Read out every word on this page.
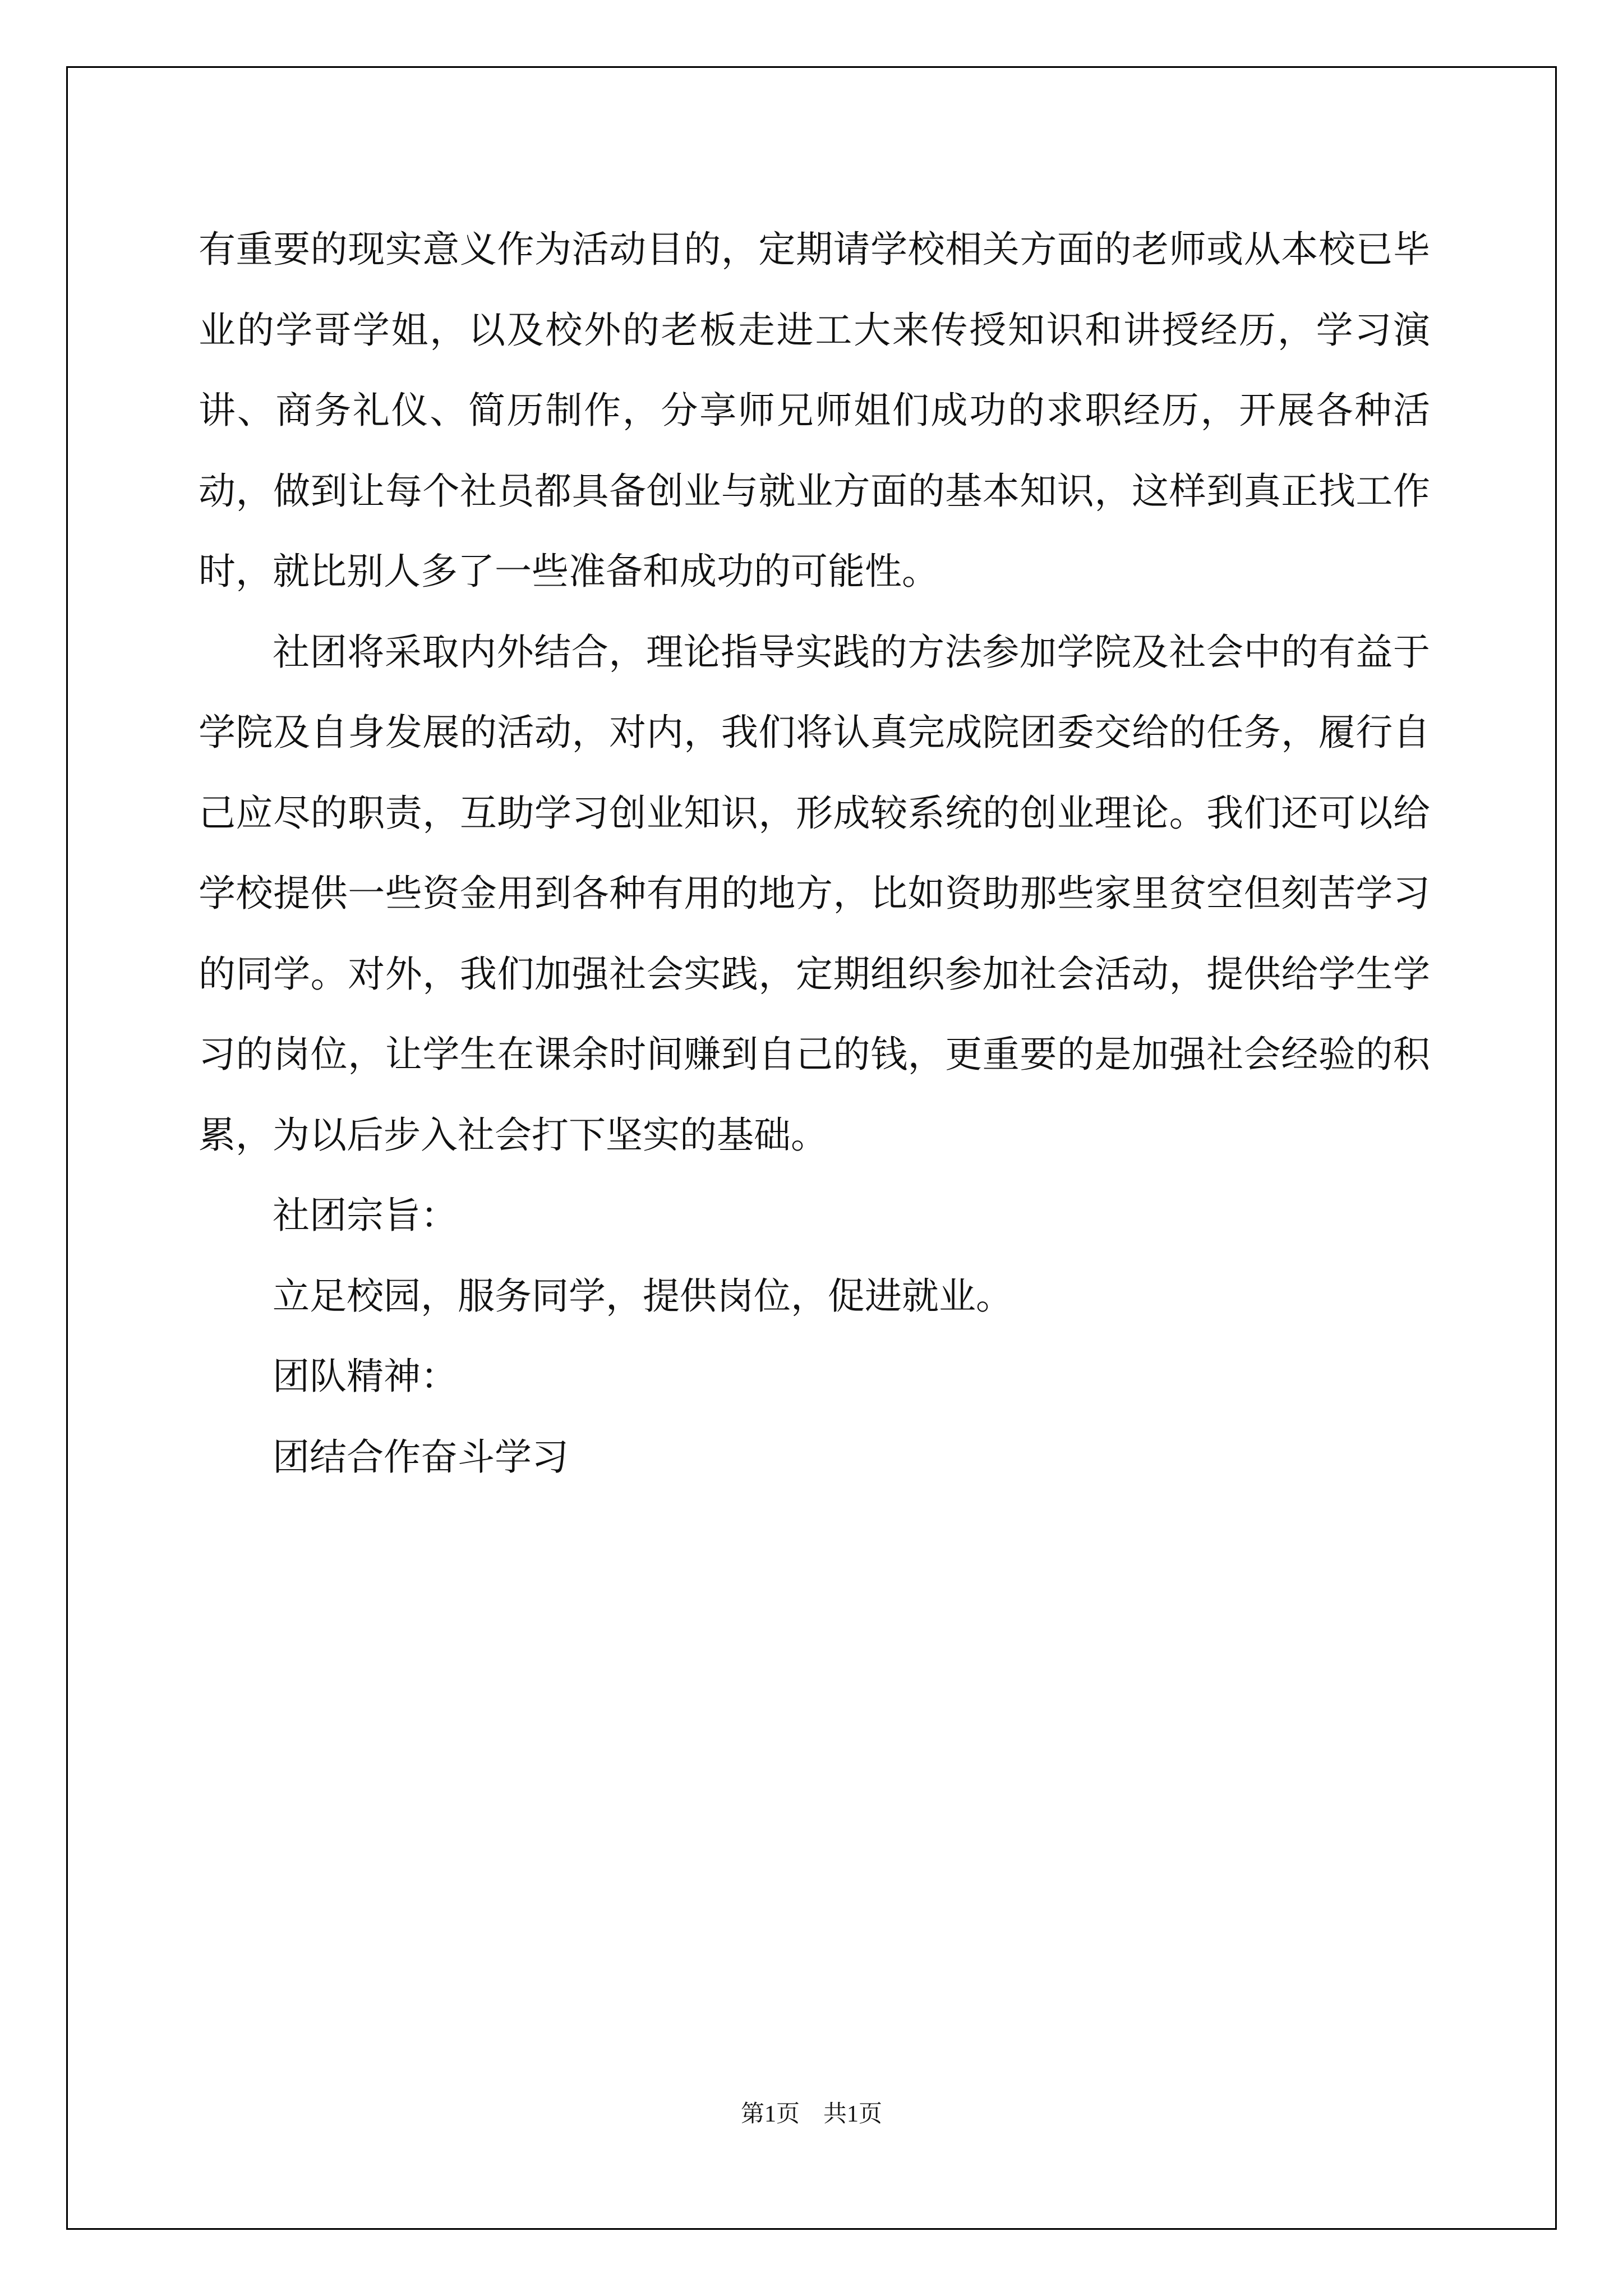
有重要的现实意义作为活动目的，定期请学校相关方面的老师或从本校已毕业的学哥学姐，以及校外的老板走进工大来传授知识和讲授经历，学习演讲、商务礼仪、简历制作，分享师兄师姐们成功的求职经历，开展各种活动，做到让每个社员都具备创业与就业方面的基本知识，这样到真正找工作时，就比别人多了一些准备和成功的可能性。

社团将采取内外结合，理论指导实践的方法参加学院及社会中的有益于学院及自身发展的活动，对内，我们将认真完成院团委交给的任务，履行自己应尽的职责，互助学习创业知识，形成较系统的创业理论。我们还可以给学校提供一些资金用到各种有用的地方，比如资助那些家里贫空但刻苦学习的同学。对外，我们加强社会实践，定期组织参加社会活动，提供给学生学习的岗位，让学生在课余时间赚到自己的钱，更重要的是加强社会经验的积累，为以后步入社会打下坚实的基础。

社团宗旨：

立足校园，服务同学，提供岗位，促进就业。

团队精神：

团结合作奋斗学习

第1页　共1页
